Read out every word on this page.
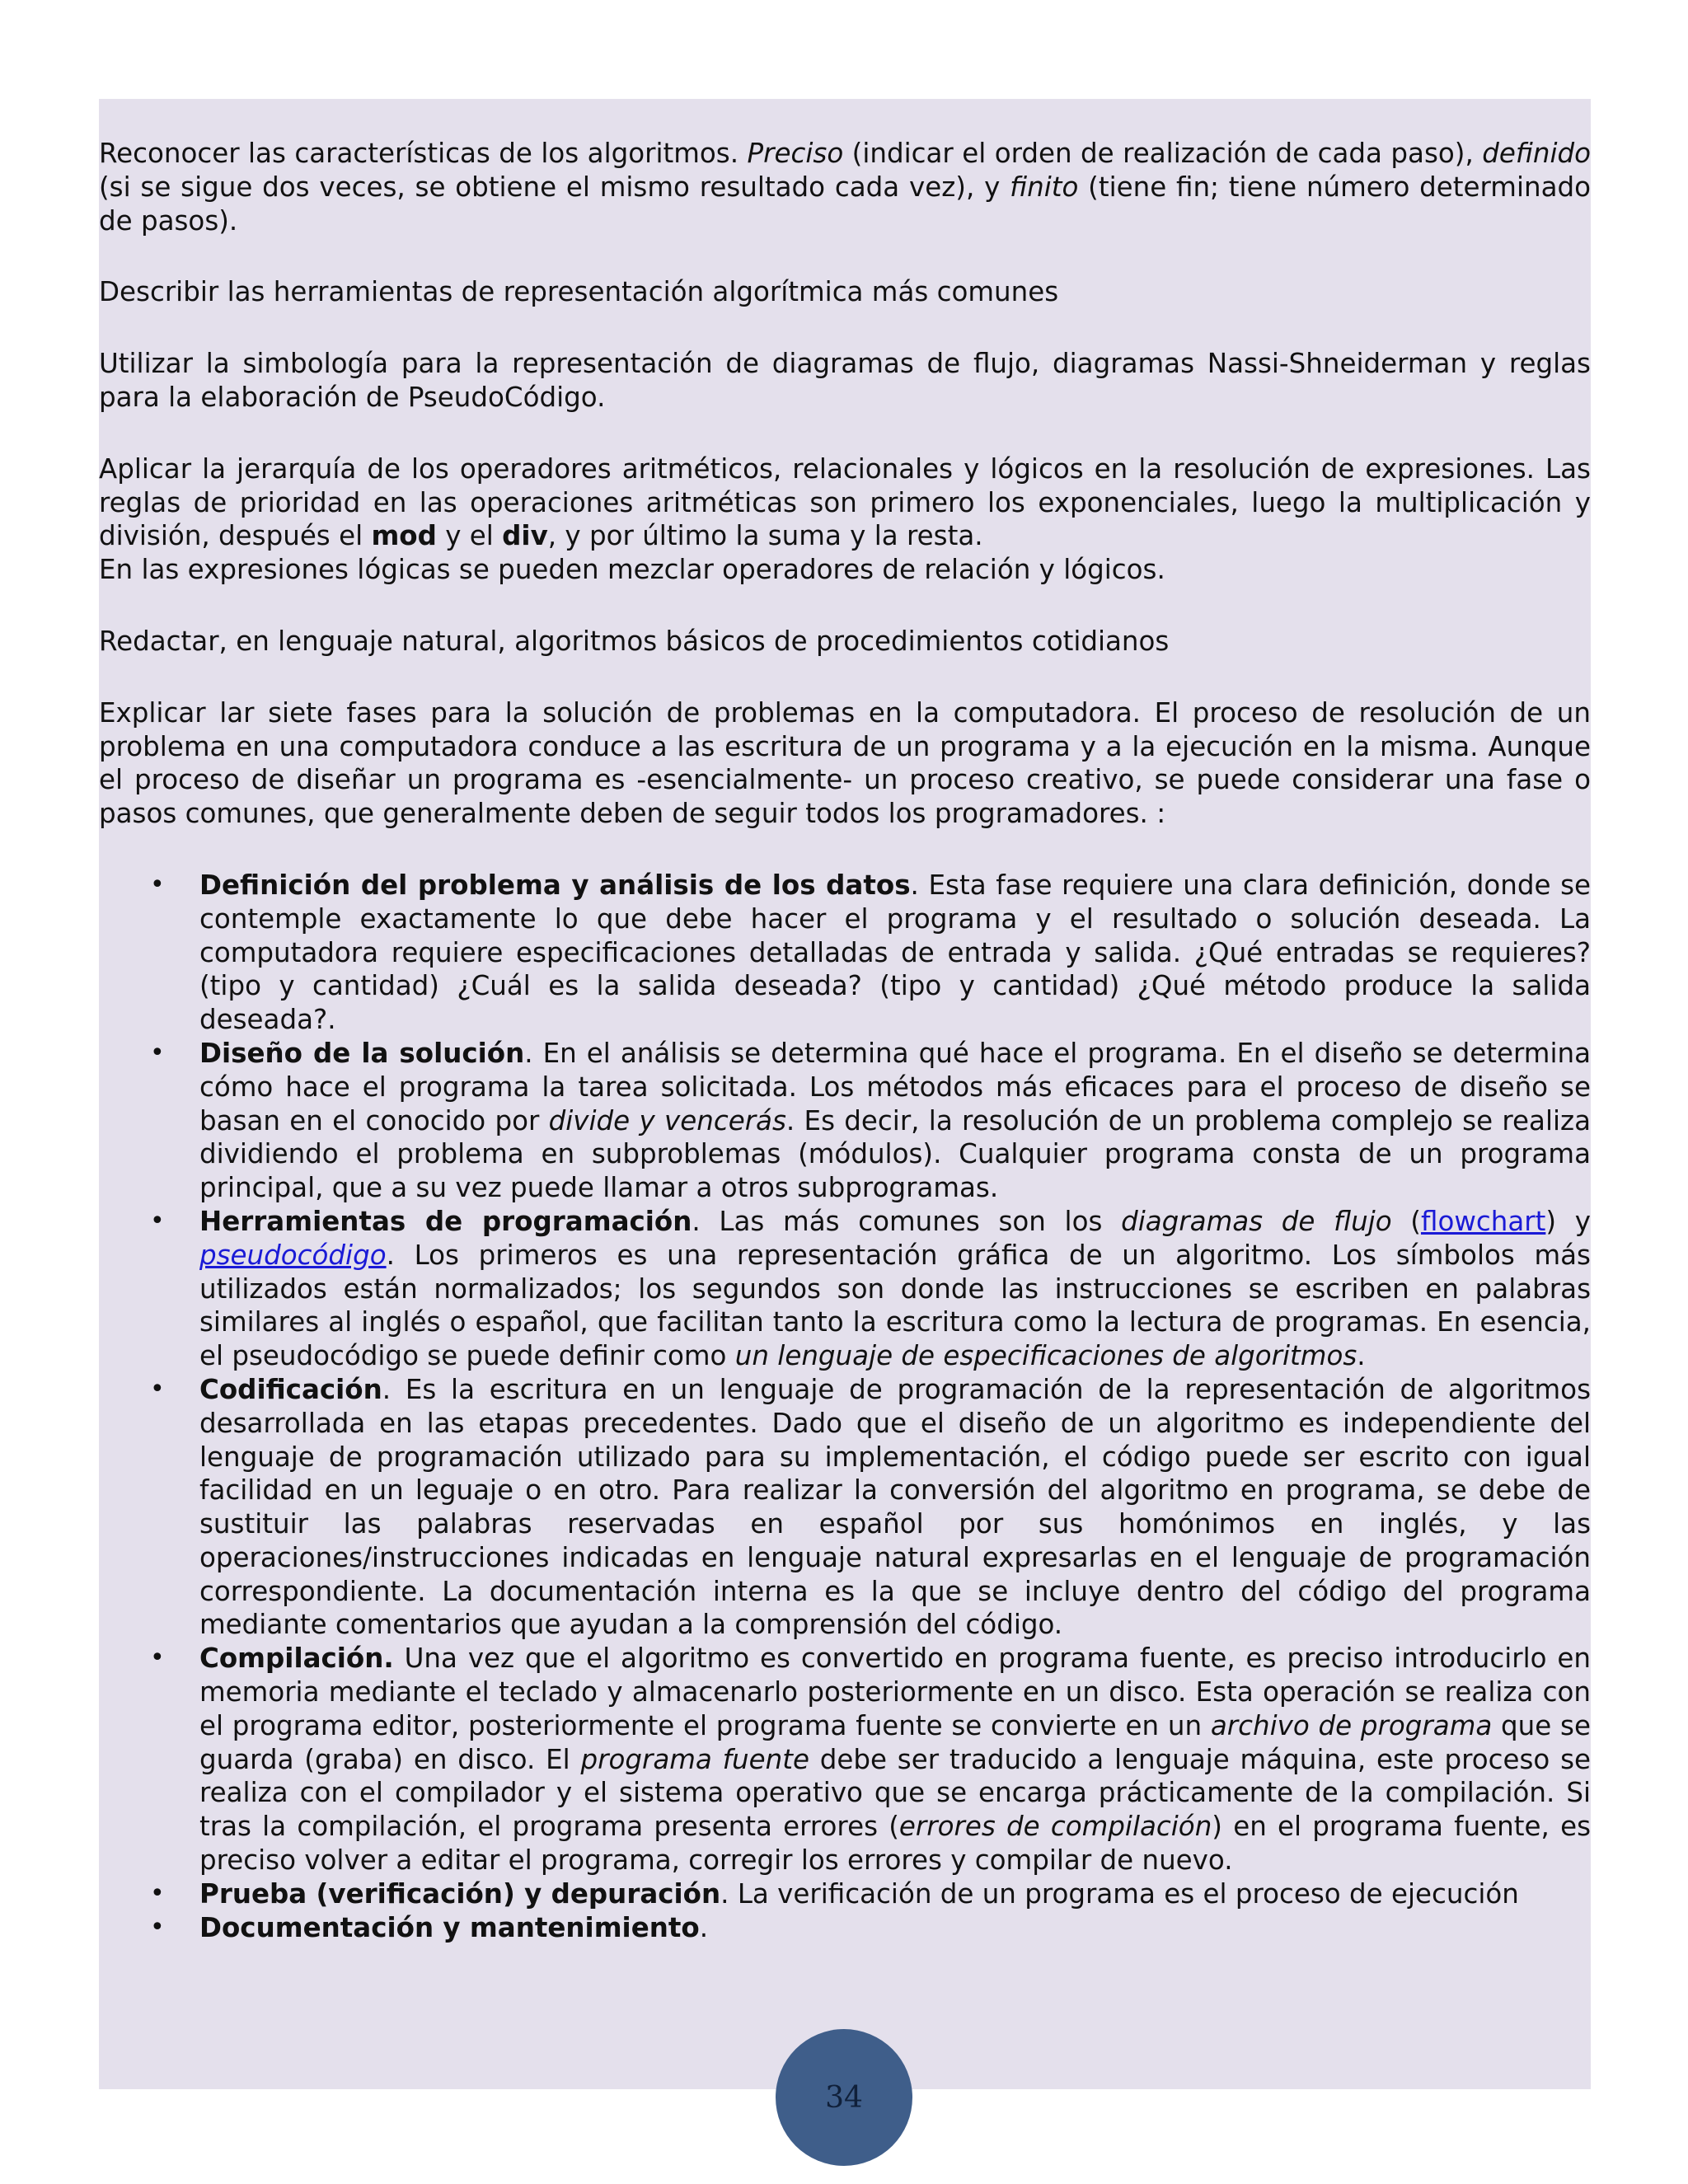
Reconocer las características de los algoritmos. Preciso (indicar el orden de realización de cada paso), definido (si se sigue dos veces, se obtiene el mismo resultado cada vez), y finito (tiene fin; tiene número determinado de pasos).

Describir las herramientas de representación algorítmica más comunes

Utilizar la simbología para la representación de diagramas de flujo, diagramas Nassi-Shneiderman y reglas para la elaboración de PseudoCódigo.

Aplicar la jerarquía de los operadores aritméticos, relacionales y lógicos en la resolución de expresiones. Las reglas de prioridad en las operaciones aritméticas son primero los exponenciales, luego la multiplicación y división, después el mod y el div, y por último la suma y la resta.

En las expresiones lógicas se pueden mezclar operadores de relación y lógicos.

Redactar, en lenguaje natural, algoritmos básicos de procedimientos cotidianos

Explicar lar siete fases para la solución de problemas en la computadora. El proceso de resolución de un problema en una computadora conduce a las escritura de un programa y a la ejecución en la misma. Aunque el proceso de diseñar un programa es -esencialmente- un proceso creativo, se puede considerar una fase o pasos comunes, que generalmente deben de seguir todos los programadores. :

• Definición del problema y análisis de los datos. Esta fase requiere una clara definición, donde se contemple exactamente lo que debe hacer el programa y el resultado o solución deseada. La computadora requiere especificaciones detalladas de entrada y salida. ¿Qué entradas se requieres? (tipo y cantidad) ¿Cuál es la salida deseada? (tipo y cantidad) ¿Qué método produce la salida deseada?.
• Diseño de la solución. En el análisis se determina qué hace el programa. En el diseño se determina cómo hace el programa la tarea solicitada. Los métodos más eficaces para el proceso de diseño se basan en el conocido por divide y vencerás. Es decir, la resolución de un problema complejo se realiza dividiendo el problema en subproblemas (módulos). Cualquier programa consta de un programa principal, que a su vez puede llamar a otros subprogramas.
• Herramientas de programación. Las más comunes son los diagramas de flujo (flowchart) y pseudocódigo. Los primeros es una representación gráfica de un algoritmo. Los símbolos más utilizados están normalizados; los segundos son donde las instrucciones se escriben en palabras similares al inglés o español, que facilitan tanto la escritura como la lectura de programas. En esencia, el pseudocódigo se puede definir como un lenguaje de especificaciones de algoritmos.
• Codificación. Es la escritura en un lenguaje de programación de la representación de algoritmos desarrollada en las etapas precedentes. Dado que el diseño de un algoritmo es independiente del lenguaje de programación utilizado para su implementación, el código puede ser escrito con igual facilidad en un leguaje o en otro. Para realizar la conversión del algoritmo en programa, se debe de sustituir las palabras reservadas en español por sus homónimos en inglés, y las operaciones/instrucciones indicadas en lenguaje natural expresarlas en el lenguaje de programación correspondiente. La documentación interna es la que se incluye dentro del código del programa mediante comentarios que ayudan a la comprensión del código.
• Compilación. Una vez que el algoritmo es convertido en programa fuente, es preciso introducirlo en memoria mediante el teclado y almacenarlo posteriormente en un disco. Esta operación se realiza con el programa editor, posteriormente el programa fuente se convierte en un archivo de programa que se guarda (graba) en disco. El programa fuente debe ser traducido a lenguaje máquina, este proceso se realiza con el compilador y el sistema operativo que se encarga prácticamente de la compilación. Si tras la compilación, el programa presenta errores (errores de compilación) en el programa fuente, es preciso volver a editar el programa, corregir los errores y compilar de nuevo.
• Prueba (verificación) y depuración. La verificación de un programa es el proceso de ejecución
• Documentación y mantenimiento.
34
